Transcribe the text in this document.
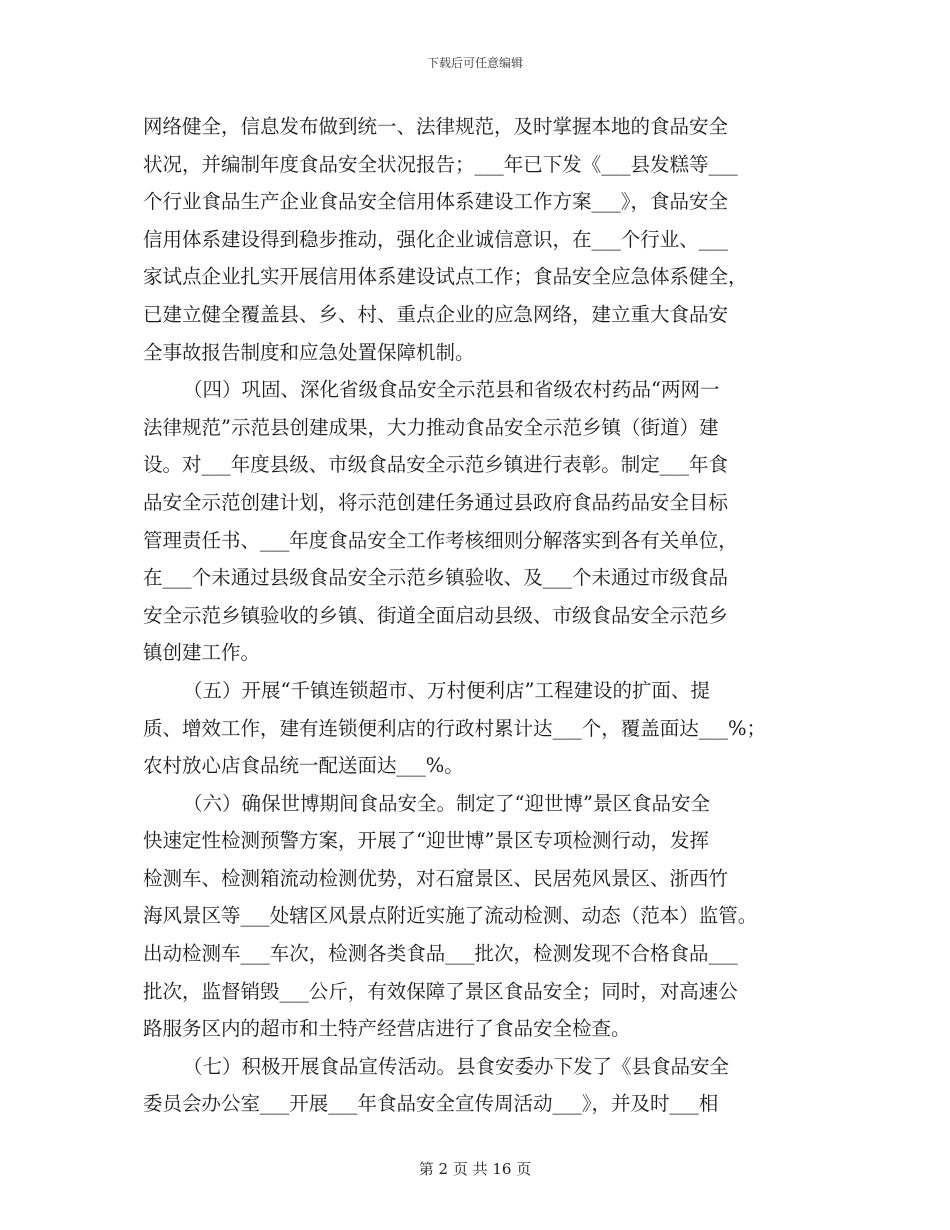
下载后可任意编辑
网络健全，信息发布做到统一、法律规范，及时掌握本地的食品安全
状况，并编制年度食品安全状况报告；___年已下发《___县发糕等___
个行业食品生产企业食品安全信用体系建设工作方案___》，食品安全
信用体系建设得到稳步推动，强化企业诚信意识，在___个行业、___
家试点企业扎实开展信用体系建设试点工作；食品安全应急体系健全，
已建立健全覆盖县、乡、村、重点企业的应急网络，建立重大食品安
全事故报告制度和应急处置保障机制。
（四）巩固、深化省级食品安全示范县和省级农村药品“两网一
法律规范”示范县创建成果，大力推动食品安全示范乡镇（街道）建
设。对___年度县级、市级食品安全示范乡镇进行表彰。制定___年食
品安全示范创建计划，将示范创建任务通过县政府食品药品安全目标
管理责任书、___年度食品安全工作考核细则分解落实到各有关单位，
在___个未通过县级食品安全示范乡镇验收、及___个未通过市级食品
安全示范乡镇验收的乡镇、街道全面启动县级、市级食品安全示范乡
镇创建工作。
（五）开展“千镇连锁超市、万村便利店”工程建设的扩面、提
质、增效工作，建有连锁便利店的行政村累计达___个，覆盖面达___%；
农村放心店食品统一配送面达___%。
（六）确保世博期间食品安全。制定了“迎世博”景区食品安全
快速定性检测预警方案，开展了“迎世博”景区专项检测行动，发挥
检测车、检测箱流动检测优势，对石窟景区、民居苑风景区、浙西竹
海风景区等___处辖区风景点附近实施了流动检测、动态（范本）监管。
出动检测车___车次，检测各类食品___批次，检测发现不合格食品___
批次，监督销毁___公斤，有效保障了景区食品安全；同时，对高速公
路服务区内的超市和土特产经营店进行了食品安全检查。
（七）积极开展食品宣传活动。县食安委办下发了《县食品安全
委员会办公室___开展___年食品安全宣传周活动___》，并及时___相
第 2 页 共 16 页
